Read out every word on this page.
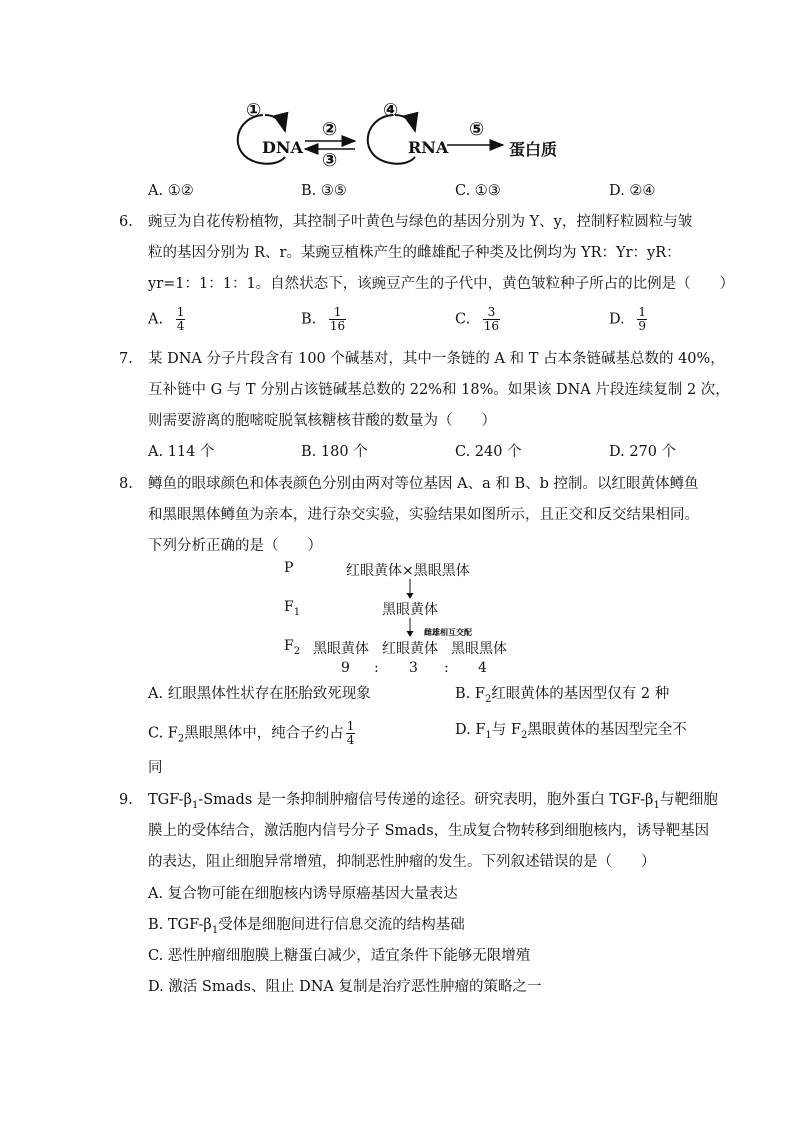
DNA	RNA	蛋白质
①
②
③
④
⑤
A. ①②	B. ③⑤	C. ①③	D. ②④
6. 豌豆为自花传粉植物，其控制子叶黄色与绿色的基因分别为 Y、y，控制籽粒圆粒与皱
粒的基因分别为 R、r。某豌豆植株产生的雌雄配子种类及比例均为 YR：Yr：yR：
yr=1：1：1：1。自然状态下，该豌豆产生的子代中，黄色皱粒种子所占的比例是（　　）
A. $\frac{1}{4}$	B. $\frac{1}{16}$	C. $\frac{3}{16}$	D. $\frac{1}{9}$
7. 某 DNA 分子片段含有 100 个碱基对，其中一条链的 A 和 T 占本条链碱基总数的 40%，
互补链中 G 与 T 分别占该链碱基总数的 22%和 18%。如果该 DNA 片段连续复制 2 次，
则需要游离的胞嘧啶脱氧核糖核苷酸的数量为（　　）
A. 114 个	B. 180 个	C. 240 个	D. 270 个
8. 鳟鱼的眼球颜色和体表颜色分别由两对等位基因 A、a 和 B、b 控制。以红眼黄体鳟鱼
和黑眼黑体鳟鱼为亲本，进行杂交实验，实验结果如图所示，且正交和反交结果相同。
下列分析正确的是（　　）
P	红眼黄体×黑眼黑体
$F_1$	黑眼黄体
$F_2$
雌雄相互交配
黑眼黄体 红眼黄体 黑眼黑体
9 : 3 : 4
A. 红眼黑体性状存在胚胎致死现象	B. $F_2$红眼黄体的基因型仅有 2 种
C. $F_2$黑眼黑体中，纯合子约占 $\frac{1}{4}$	D. $F_1$与 $F_2$黑眼黄体的基因型完全不
同
9. TGF-$\beta_1$-Smads 是一条抑制肿瘤信号传递的途径。研究表明，胞外蛋白 TGF-$\beta_1$与靶细胞
膜上的受体结合，激活胞内信号分子 Smads，生成复合物转移到细胞核内，诱导靶基因
的表达，阻止细胞异常增殖，抑制恶性肿瘤的发生。下列叙述错误的是（　　）
A. 复合物可能在细胞核内诱导原癌基因大量表达
B. TGF-$\beta_1$受体是细胞间进行信息交流的结构基础
C. 恶性肿瘤细胞膜上糖蛋白减少，适宜条件下能够无限增殖
D. 激活 Smads、阻止 DNA 复制是治疗恶性肿瘤的策略之一
